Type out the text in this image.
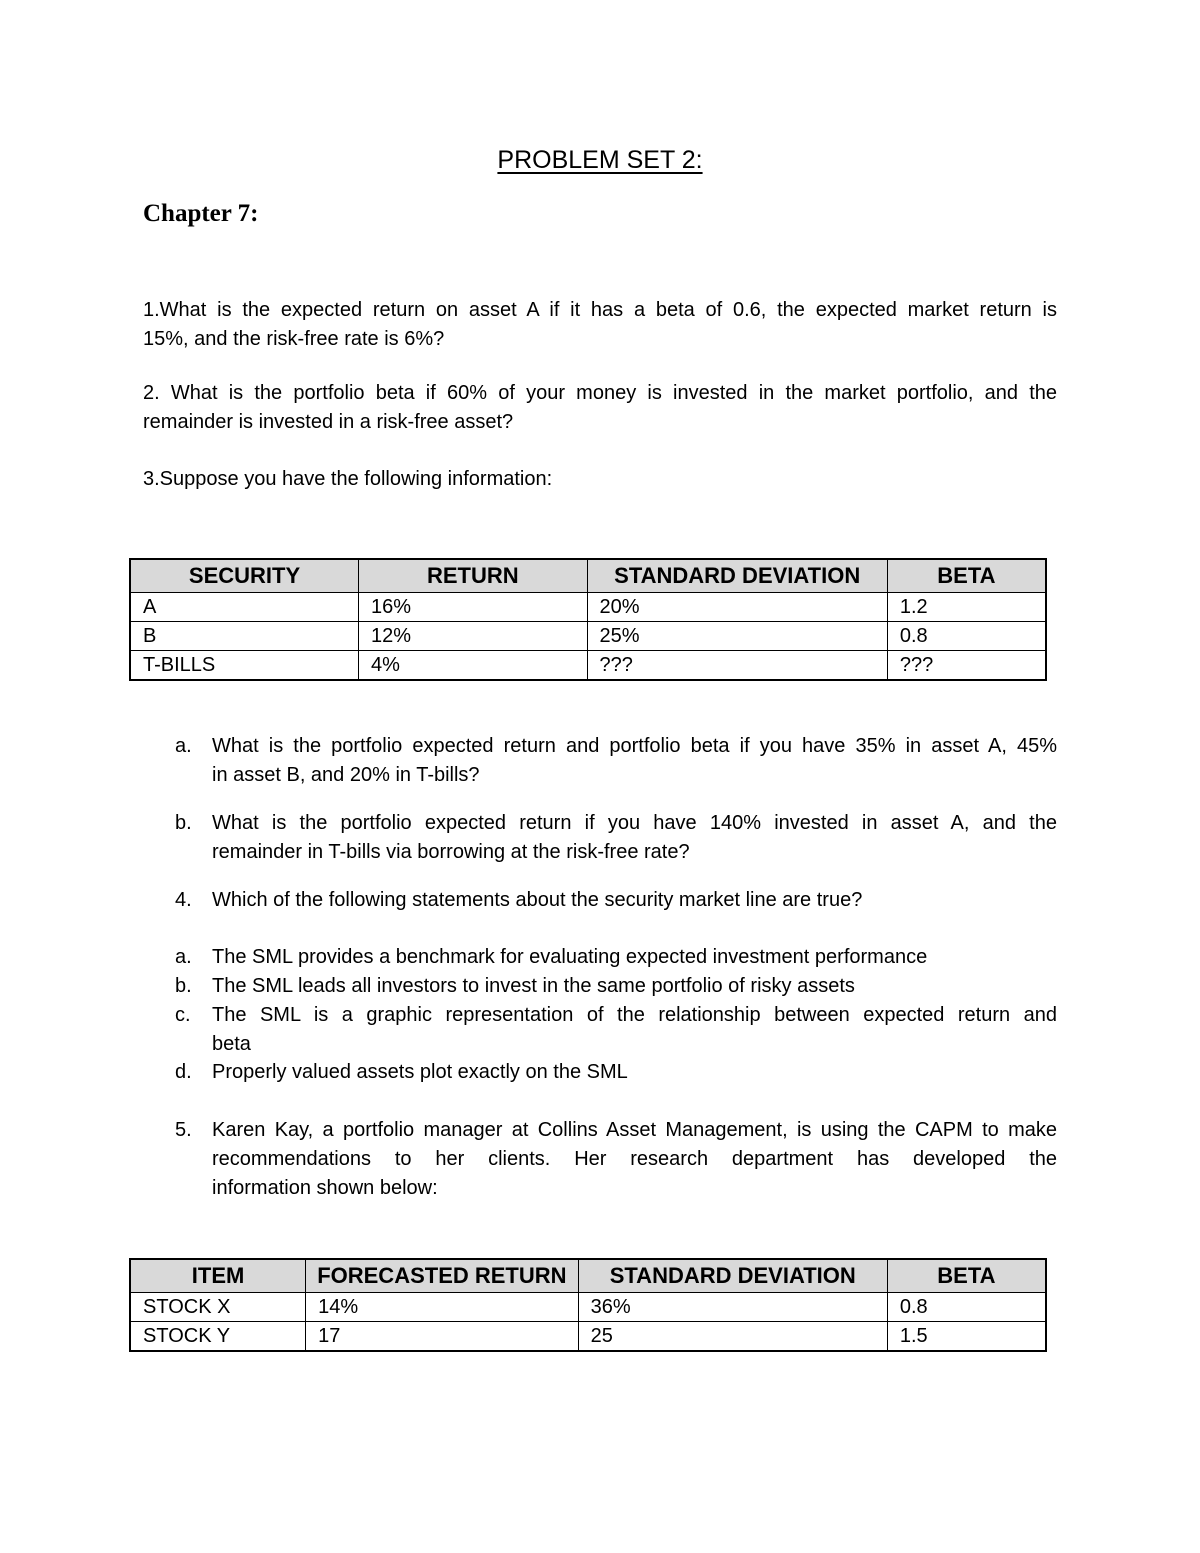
PROBLEM SET 2:
Chapter 7:
1.What is the expected return on asset A if it has a beta of 0.6, the expected market return is
15%, and the risk-free rate is 6%?
2. What is the portfolio beta if 60% of your money is invested in the market portfolio, and the
remainder is invested in a risk-free asset?
3.Suppose you have the following information:
SECURITY	RETURN	STANDARD DEVIATION	BETA
A	16%	20%	1.2
B	12%	25%	0.8
T-BILLS	4%	???	???
a.	What is the portfolio expected return and portfolio beta if you have 35% in asset A, 45%
in asset B, and 20% in T-bills?
b.	What is the portfolio expected return if you have 140% invested in asset A, and the
remainder in T-bills via borrowing at the risk-free rate?
4.	Which of the following statements about the security market line are true?
a.	The SML provides a benchmark for evaluating expected investment performance
b.	The SML leads all investors to invest in the same portfolio of risky assets
c.	The SML is a graphic representation of the relationship between expected return and
beta
d.	Properly valued assets plot exactly on the SML
5.	Karen Kay, a portfolio manager at Collins Asset Management, is using the CAPM to make
recommendations to her clients. Her research department has developed the
information shown below:
ITEM	FORECASTED RETURN	STANDARD DEVIATION	BETA
STOCK X	14%	36%	0.8
STOCK Y	17	25	1.5
